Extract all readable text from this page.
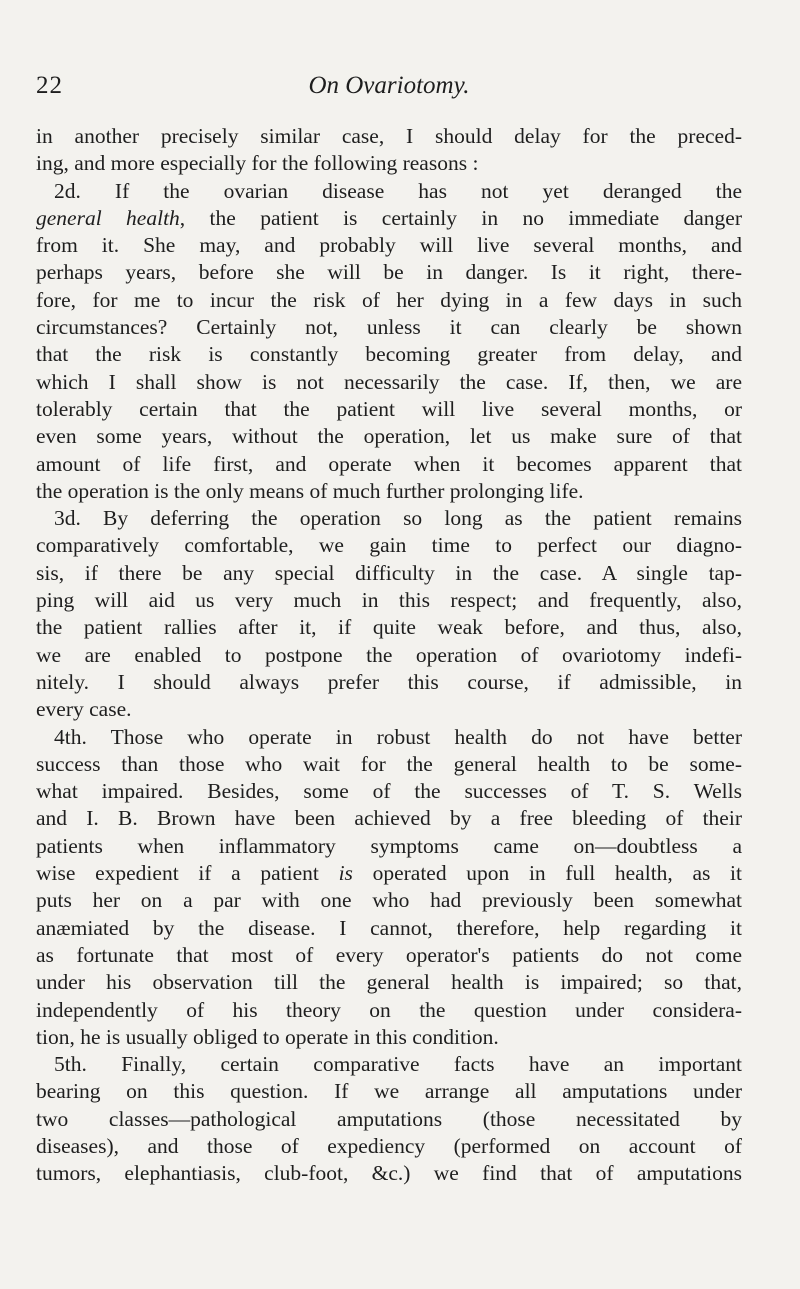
22	On Ovariotomy.
in another precisely similar case, I should delay for the preced-
ing, and more especially for the following reasons :
2d. If the ovarian disease has not yet deranged the
general health, the patient is certainly in no immediate danger
from it. She may, and probably will live several months, and
perhaps years, before she will be in danger. Is it right, there-
fore, for me to incur the risk of her dying in a few days in such
circumstances? Certainly not, unless it can clearly be shown
that the risk is constantly becoming greater from delay, and
which I shall show is not necessarily the case. If, then, we are
tolerably certain that the patient will live several months, or
even some years, without the operation, let us make sure of that
amount of life first, and operate when it becomes apparent that
the operation is the only means of much further prolonging life.
3d. By deferring the operation so long as the patient remains
comparatively comfortable, we gain time to perfect our diagno-
sis, if there be any special difficulty in the case. A single tap-
ping will aid us very much in this respect; and frequently, also,
the patient rallies after it, if quite weak before, and thus, also,
we are enabled to postpone the operation of ovariotomy indefi-
nitely. I should always prefer this course, if admissible, in
every case.
4th. Those who operate in robust health do not have better
success than those who wait for the general health to be some-
what impaired. Besides, some of the successes of T. S. Wells
and I. B. Brown have been achieved by a free bleeding of their
patients when inflammatory symptoms came on—doubtless a
wise expedient if a patient is operated upon in full health, as it
puts her on a par with one who had previously been somewhat
anæmiated by the disease. I cannot, therefore, help regarding it
as fortunate that most of every operator's patients do not come
under his observation till the general health is impaired; so that,
independently of his theory on the question under considera-
tion, he is usually obliged to operate in this condition.
5th. Finally, certain comparative facts have an important
bearing on this question. If we arrange all amputations under
two classes—pathological amputations (those necessitated by
diseases), and those of expediency (performed on account of
tumors, elephantiasis, club-foot, &c.) we find that of amputations
